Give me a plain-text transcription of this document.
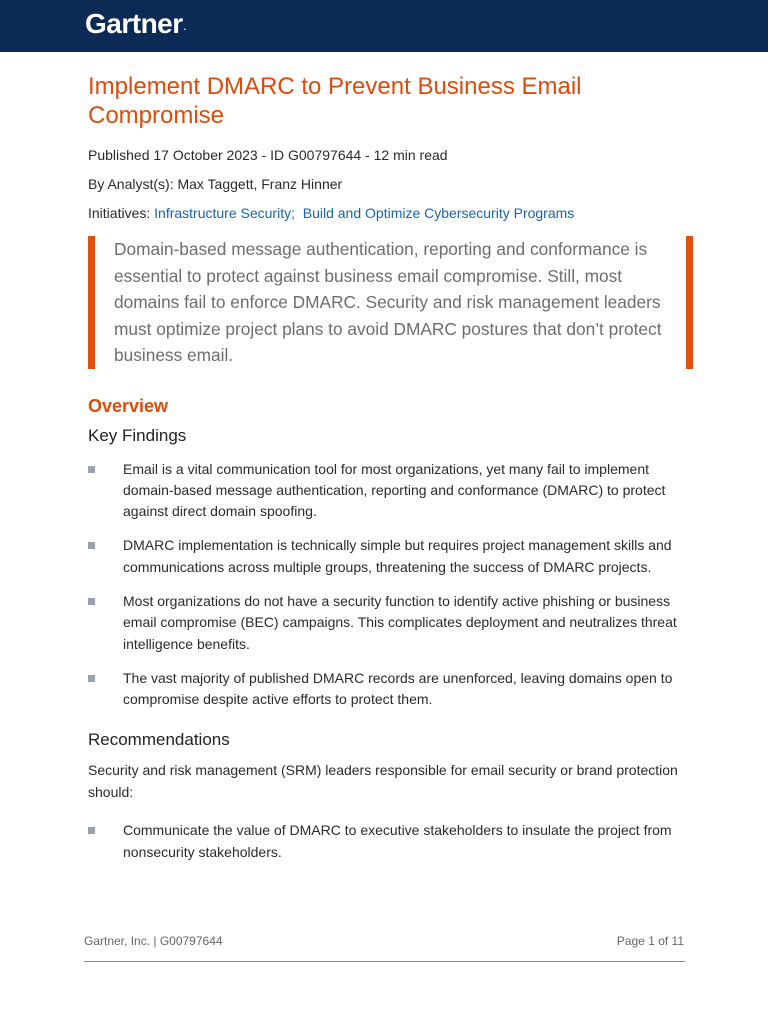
Gartner.
Implement DMARC to Prevent Business Email Compromise

Published 17 October 2023 - ID G00797644 - 12 min read

By Analyst(s): Max Taggett, Franz Hinner

Initiatives: Infrastructure Security; Build and Optimize Cybersecurity Programs

Domain-based message authentication, reporting and conformance is essential to protect against business email compromise. Still, most domains fail to enforce DMARC. Security and risk management leaders must optimize project plans to avoid DMARC postures that don’t protect business email.

Overview
Key Findings
Email is a vital communication tool for most organizations, yet many fail to implement domain-based message authentication, reporting and conformance (DMARC) to protect against direct domain spoofing.
DMARC implementation is technically simple but requires project management skills and communications across multiple groups, threatening the success of DMARC projects.
Most organizations do not have a security function to identify active phishing or business email compromise (BEC) campaigns. This complicates deployment and neutralizes threat intelligence benefits.
The vast majority of published DMARC records are unenforced, leaving domains open to compromise despite active efforts to protect them.
Recommendations

Security and risk management (SRM) leaders responsible for email security or brand protection should:

Communicate the value of DMARC to executive stakeholders to insulate the project from nonsecurity stakeholders.
Gartner, Inc. | G00797644	Page 1 of 11
